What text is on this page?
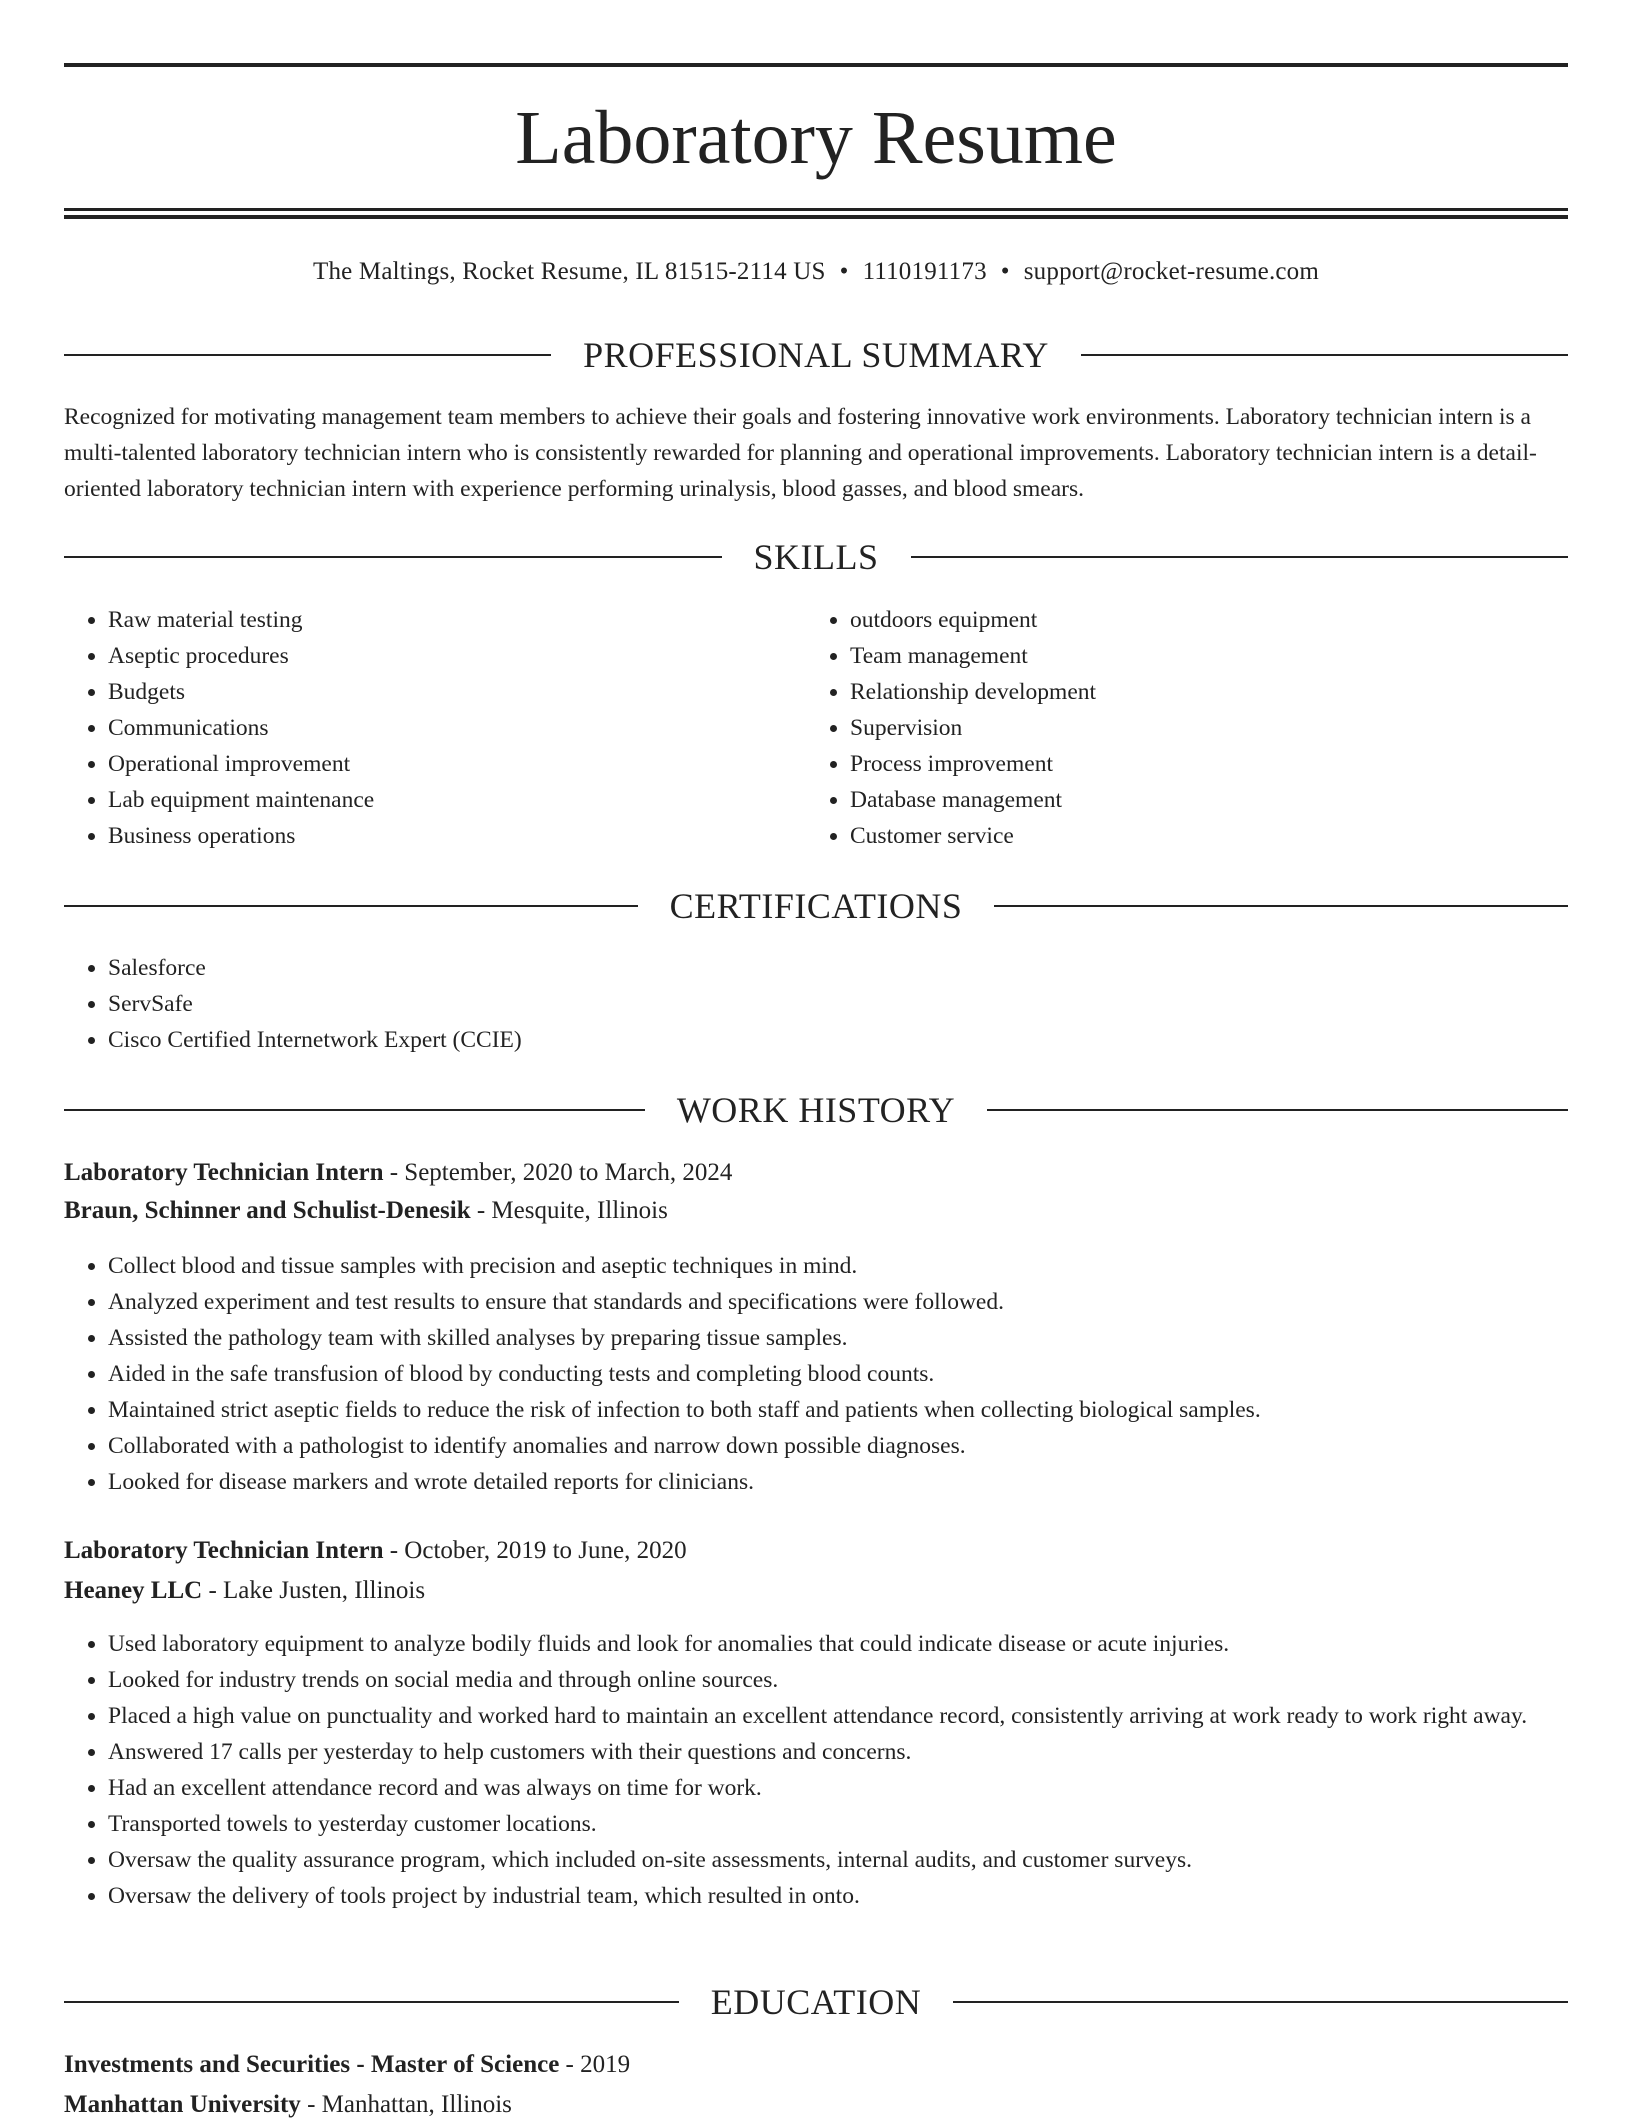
Laboratory Resume
The Maltings, Rocket Resume, IL 81515-2114 US • 1110191173 • support@rocket-resume.com
PROFESSIONAL SUMMARY

Recognized for motivating management team members to achieve their goals and fostering innovative work environments. Laboratory technician intern is a multi-talented laboratory technician intern who is consistently rewarded for planning and operational improvements. Laboratory technician intern is a detail-oriented laboratory technician intern with experience performing urinalysis, blood gasses, and blood smears.

SKILLS
• Raw material testing
• Aseptic procedures
• Budgets
• Communications
• Operational improvement
• Lab equipment maintenance
• Business operations
• outdoors equipment
• Team management
• Relationship development
• Supervision
• Process improvement
• Database management
• Customer service
CERTIFICATIONS
• Salesforce
• ServSafe
• Cisco Certified Internetwork Expert (CCIE)
WORK HISTORY
Laboratory Technician Intern - September, 2020 to March, 2024
Braun, Schinner and Schulist-Denesik - Mesquite, Illinois
• Collect blood and tissue samples with precision and aseptic techniques in mind.
• Analyzed experiment and test results to ensure that standards and specifications were followed.
• Assisted the pathology team with skilled analyses by preparing tissue samples.
• Aided in the safe transfusion of blood by conducting tests and completing blood counts.
• Maintained strict aseptic fields to reduce the risk of infection to both staff and patients when collecting biological samples.
• Collaborated with a pathologist to identify anomalies and narrow down possible diagnoses.
• Looked for disease markers and wrote detailed reports for clinicians.
Laboratory Technician Intern - October, 2019 to June, 2020
Heaney LLC - Lake Justen, Illinois
• Used laboratory equipment to analyze bodily fluids and look for anomalies that could indicate disease or acute injuries.
• Looked for industry trends on social media and through online sources.
• Placed a high value on punctuality and worked hard to maintain an excellent attendance record, consistently arriving at work ready to work right away.
• Answered 17 calls per yesterday to help customers with their questions and concerns.
• Had an excellent attendance record and was always on time for work.
• Transported towels to yesterday customer locations.
• Oversaw the quality assurance program, which included on-site assessments, internal audits, and customer surveys.
• Oversaw the delivery of tools project by industrial team, which resulted in onto.
EDUCATION
Investments and Securities - Master of Science - 2019
Manhattan University - Manhattan, Illinois
